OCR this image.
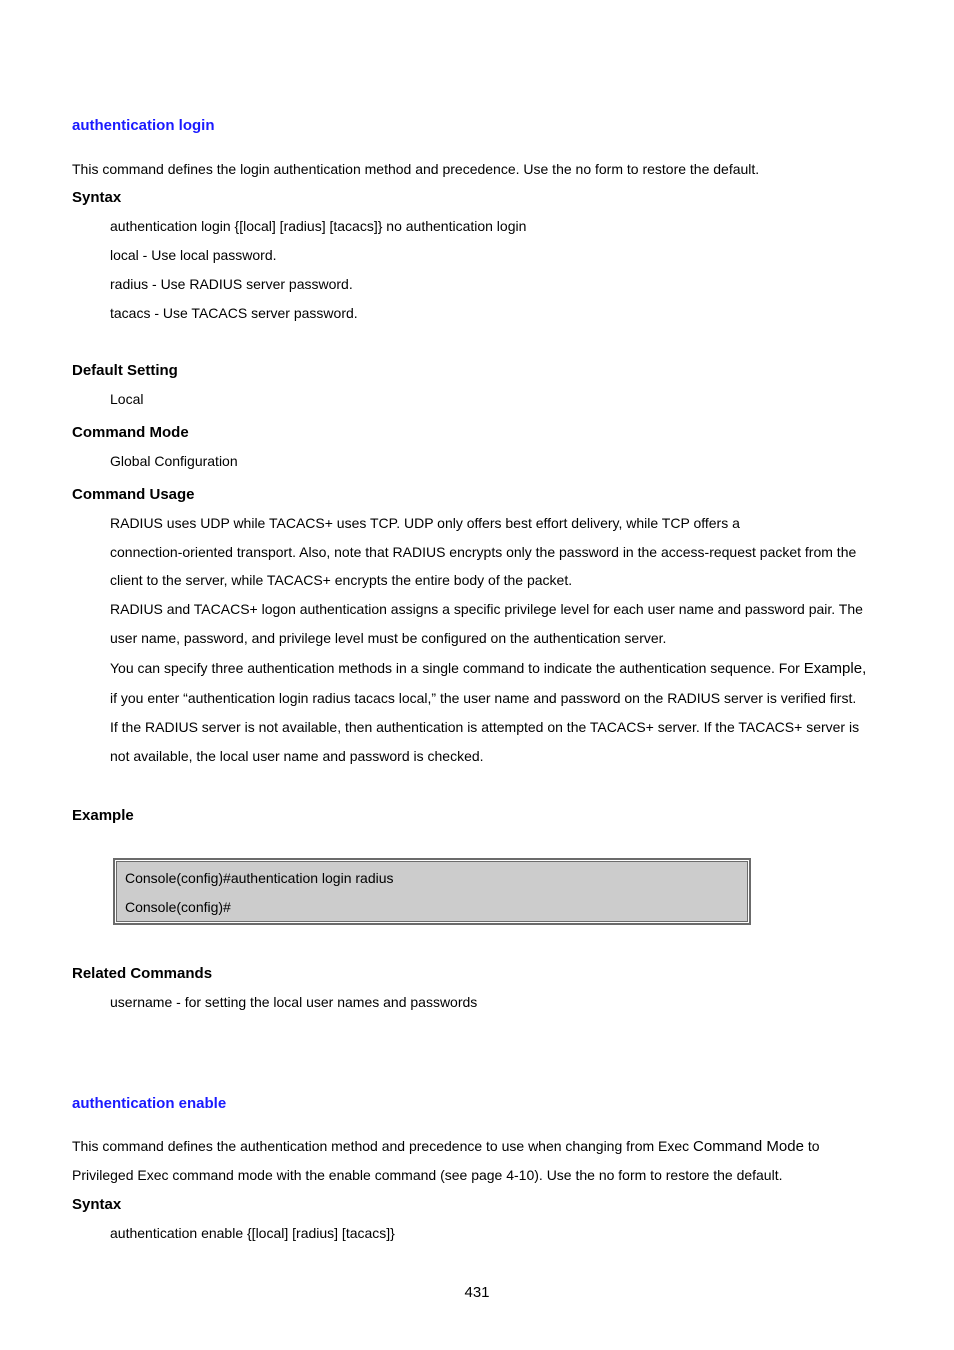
authentication login
This command defines the login authentication method and precedence. Use the no form to restore the default.
Syntax
authentication login {[local] [radius] [tacacs]} no authentication login
local - Use local password.
radius - Use RADIUS server password.
tacacs - Use TACACS server password.
Default Setting
Local
Command Mode
Global Configuration
Command Usage
RADIUS uses UDP while TACACS+ uses TCP. UDP only offers best effort delivery, while TCP offers a
connection-oriented transport. Also, note that RADIUS encrypts only the password in the access-request packet from the
client to the server, while TACACS+ encrypts the entire body of the packet.
RADIUS and TACACS+ logon authentication assigns a specific privilege level for each user name and password pair. The
user name, password, and privilege level must be configured on the authentication server.
You can specify three authentication methods in a single command to indicate the authentication sequence. For Example,
if you enter “authentication login radius tacacs local,” the user name and password on the RADIUS server is verified first.
If the RADIUS server is not available, then authentication is attempted on the TACACS+ server. If the TACACS+ server is
not available, the local user name and password is checked.
Example
Console(config)#authentication login radius
Console(config)#
Related Commands
username - for setting the local user names and passwords
authentication enable
This command defines the authentication method and precedence to use when changing from Exec Command Mode to
Privileged Exec command mode with the enable command (see page 4-10). Use the no form to restore the default.
Syntax
authentication enable {[local] [radius] [tacacs]}
431
